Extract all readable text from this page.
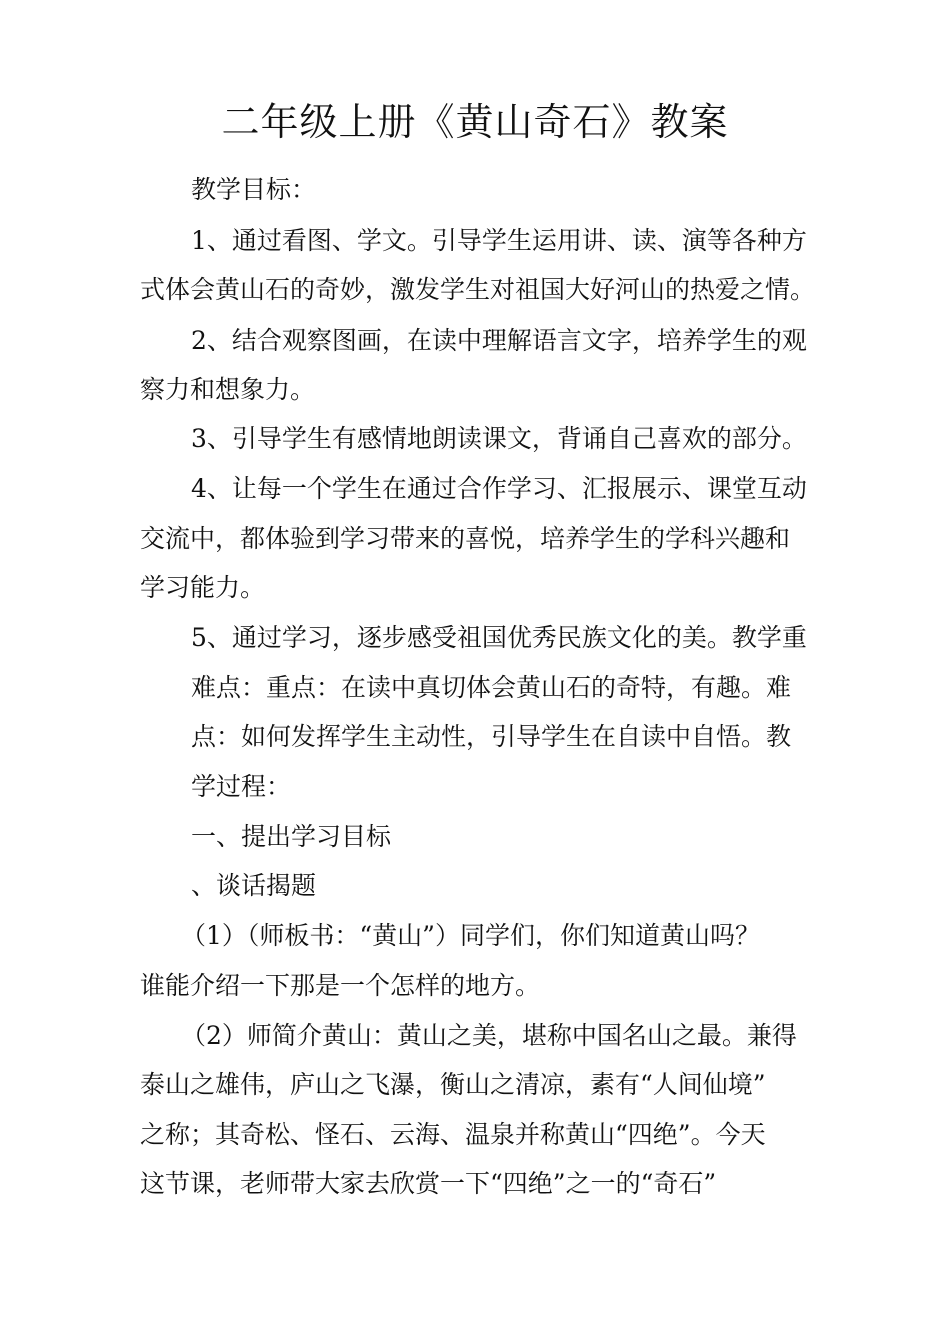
二年级上册《黄山奇石》教案
教学目标：
1、通过看图、学文。引导学生运用讲、读、演等各种方
式体会黄山石的奇妙，激发学生对祖国大好河山的热爱之情。
2、结合观察图画，在读中理解语言文字，培养学生的观
察力和想象力。
3、引导学生有感情地朗读课文，背诵自己喜欢的部分。
4、让每一个学生在通过合作学习、汇报展示、课堂互动
交流中，都体验到学习带来的喜悦，培养学生的学科兴趣和
学习能力。
5、通过学习，逐步感受祖国优秀民族文化的美。教学重
难点：重点：在读中真切体会黄山石的奇特，有趣。难
点：如何发挥学生主动性，引导学生在自读中自悟。教
学过程：
一、提出学习目标
、谈话揭题
（1）（师板书：“黄山”）同学们，你们知道黄山吗？
谁能介绍一下那是一个怎样的地方。
（2）师简介黄山：黄山之美，堪称中国名山之最。兼得
泰山之雄伟，庐山之飞瀑，衡山之清凉，素有“人间仙境”
之称；其奇松、怪石、云海、温泉并称黄山“四绝”。今天
这节课，老师带大家去欣赏一下“四绝”之一的“奇石”
